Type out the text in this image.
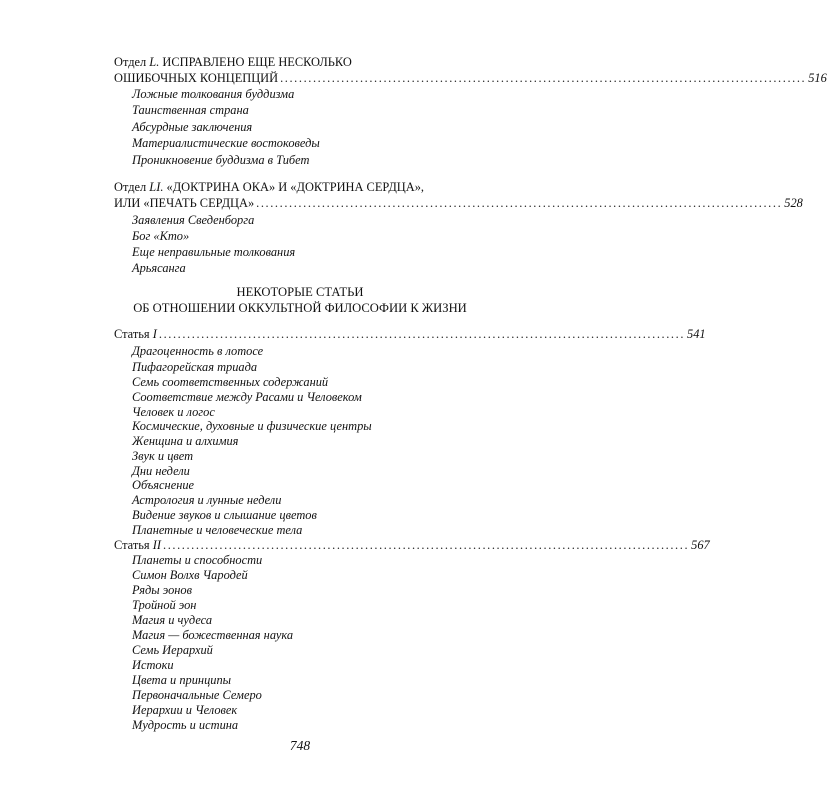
Отдел L. ИСПРАВЛЕНО ЕЩЕ НЕСКОЛЬКО
ОШИБОЧНЫХ КОНЦЕПЦИЙ ................................................................................................................ 516
Ложные толкования буддизма
Таинственная страна
Абсурдные заключения
Материалистические востоковеды
Проникновение буддизма в Тибет
Отдел LI. «ДОКТРИНА ОКА» И «ДОКТРИНА СЕРДЦА»,
ИЛИ «ПЕЧАТЬ СЕРДЦА» ................................................................................................................ 528
Заявления Сведенборга
Бог «Кто»
Еще неправильные толкования
Арьясанга
НЕКОТОРЫЕ СТАТЬИ
ОБ ОТНОШЕНИИ ОККУЛЬТНОЙ ФИЛОСОФИИ К ЖИЗНИ
Статья I ................................................................................................................ 541
Драгоценность в лотосе
Пифагорейская триада
Семь соответственных содержаний
Соответствие между Расами и Человеком
Человек и логос
Космические, духовные и физические центры
Женщина и алхимия
Звук и цвет
Дни недели
Объяснение
Астрология и лунные недели
Видение звуков и слышание цветов
Планетные и человеческие тела
Статья II ................................................................................................................ 567
Планеты и способности
Симон Волхв Чародей
Ряды эонов
Тройной эон
Магия и чудеса
Магия — божественная наука
Семь Иерархий
Истоки
Цвета и принципы
Первоначальные Семеро
Иерархии и Человек
Мудрость и истина
748
